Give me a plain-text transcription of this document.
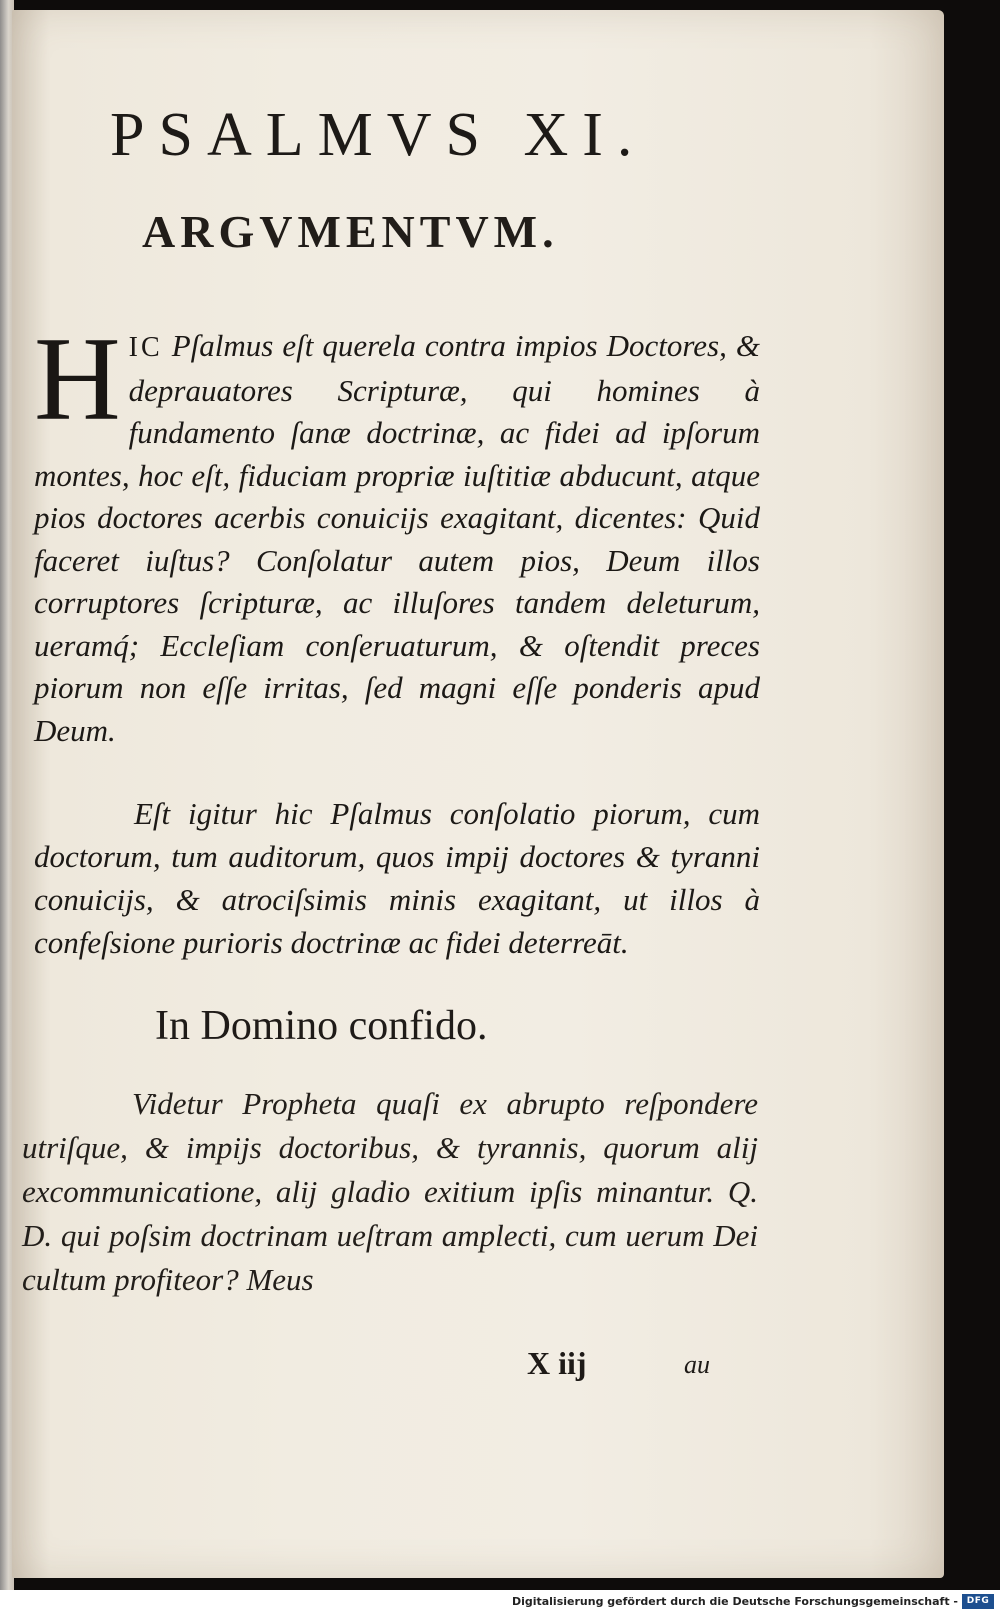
PSALMVS XI.
ARGVMENTVM.

HIC Pſalmus eſt querela contra impios Doctores, & deprauatores Scripturæ, qui homines à fundamento ſanæ doctrinæ, ac fidei ad ipſorum montes, hoc eſt, fiduciam propriæ iuſtitiæ abducunt, atque pios doctores acerbis conuicijs exagitant, dicentes: Quid faceret iuſtus? Conſolatur autem pios, Deum illos corruptores ſcripturæ, ac illuſores tandem deleturum, ueramq́; Eccleſiam conſeruaturum, & oſtendit preces piorum non eſſe irritas, ſed magni eſſe ponderis apud Deum.

Eſt igitur hic Pſalmus conſolatio piorum, cum doctorum, tum auditorum, quos impij doctores & tyranni conuicijs, & atrociſsimis minis exagitant, ut illos à confeſsione purioris doctrinæ ac fidei deterreāt.

In Domino confido.

Videtur Propheta quaſi ex abrupto reſpondere utriſque, & impijs doctoribus, & tyrannis, quorum alij excommunicatione, alij gladio exitium ipſis minantur. Q. D. qui poſsim doctrinam ueſtram amplecti, cum uerum Dei cultum profiteor? Meus

X iij	au
Digitalisierung gefördert durch die Deutsche Forschungsgemeinschaft - DFG
